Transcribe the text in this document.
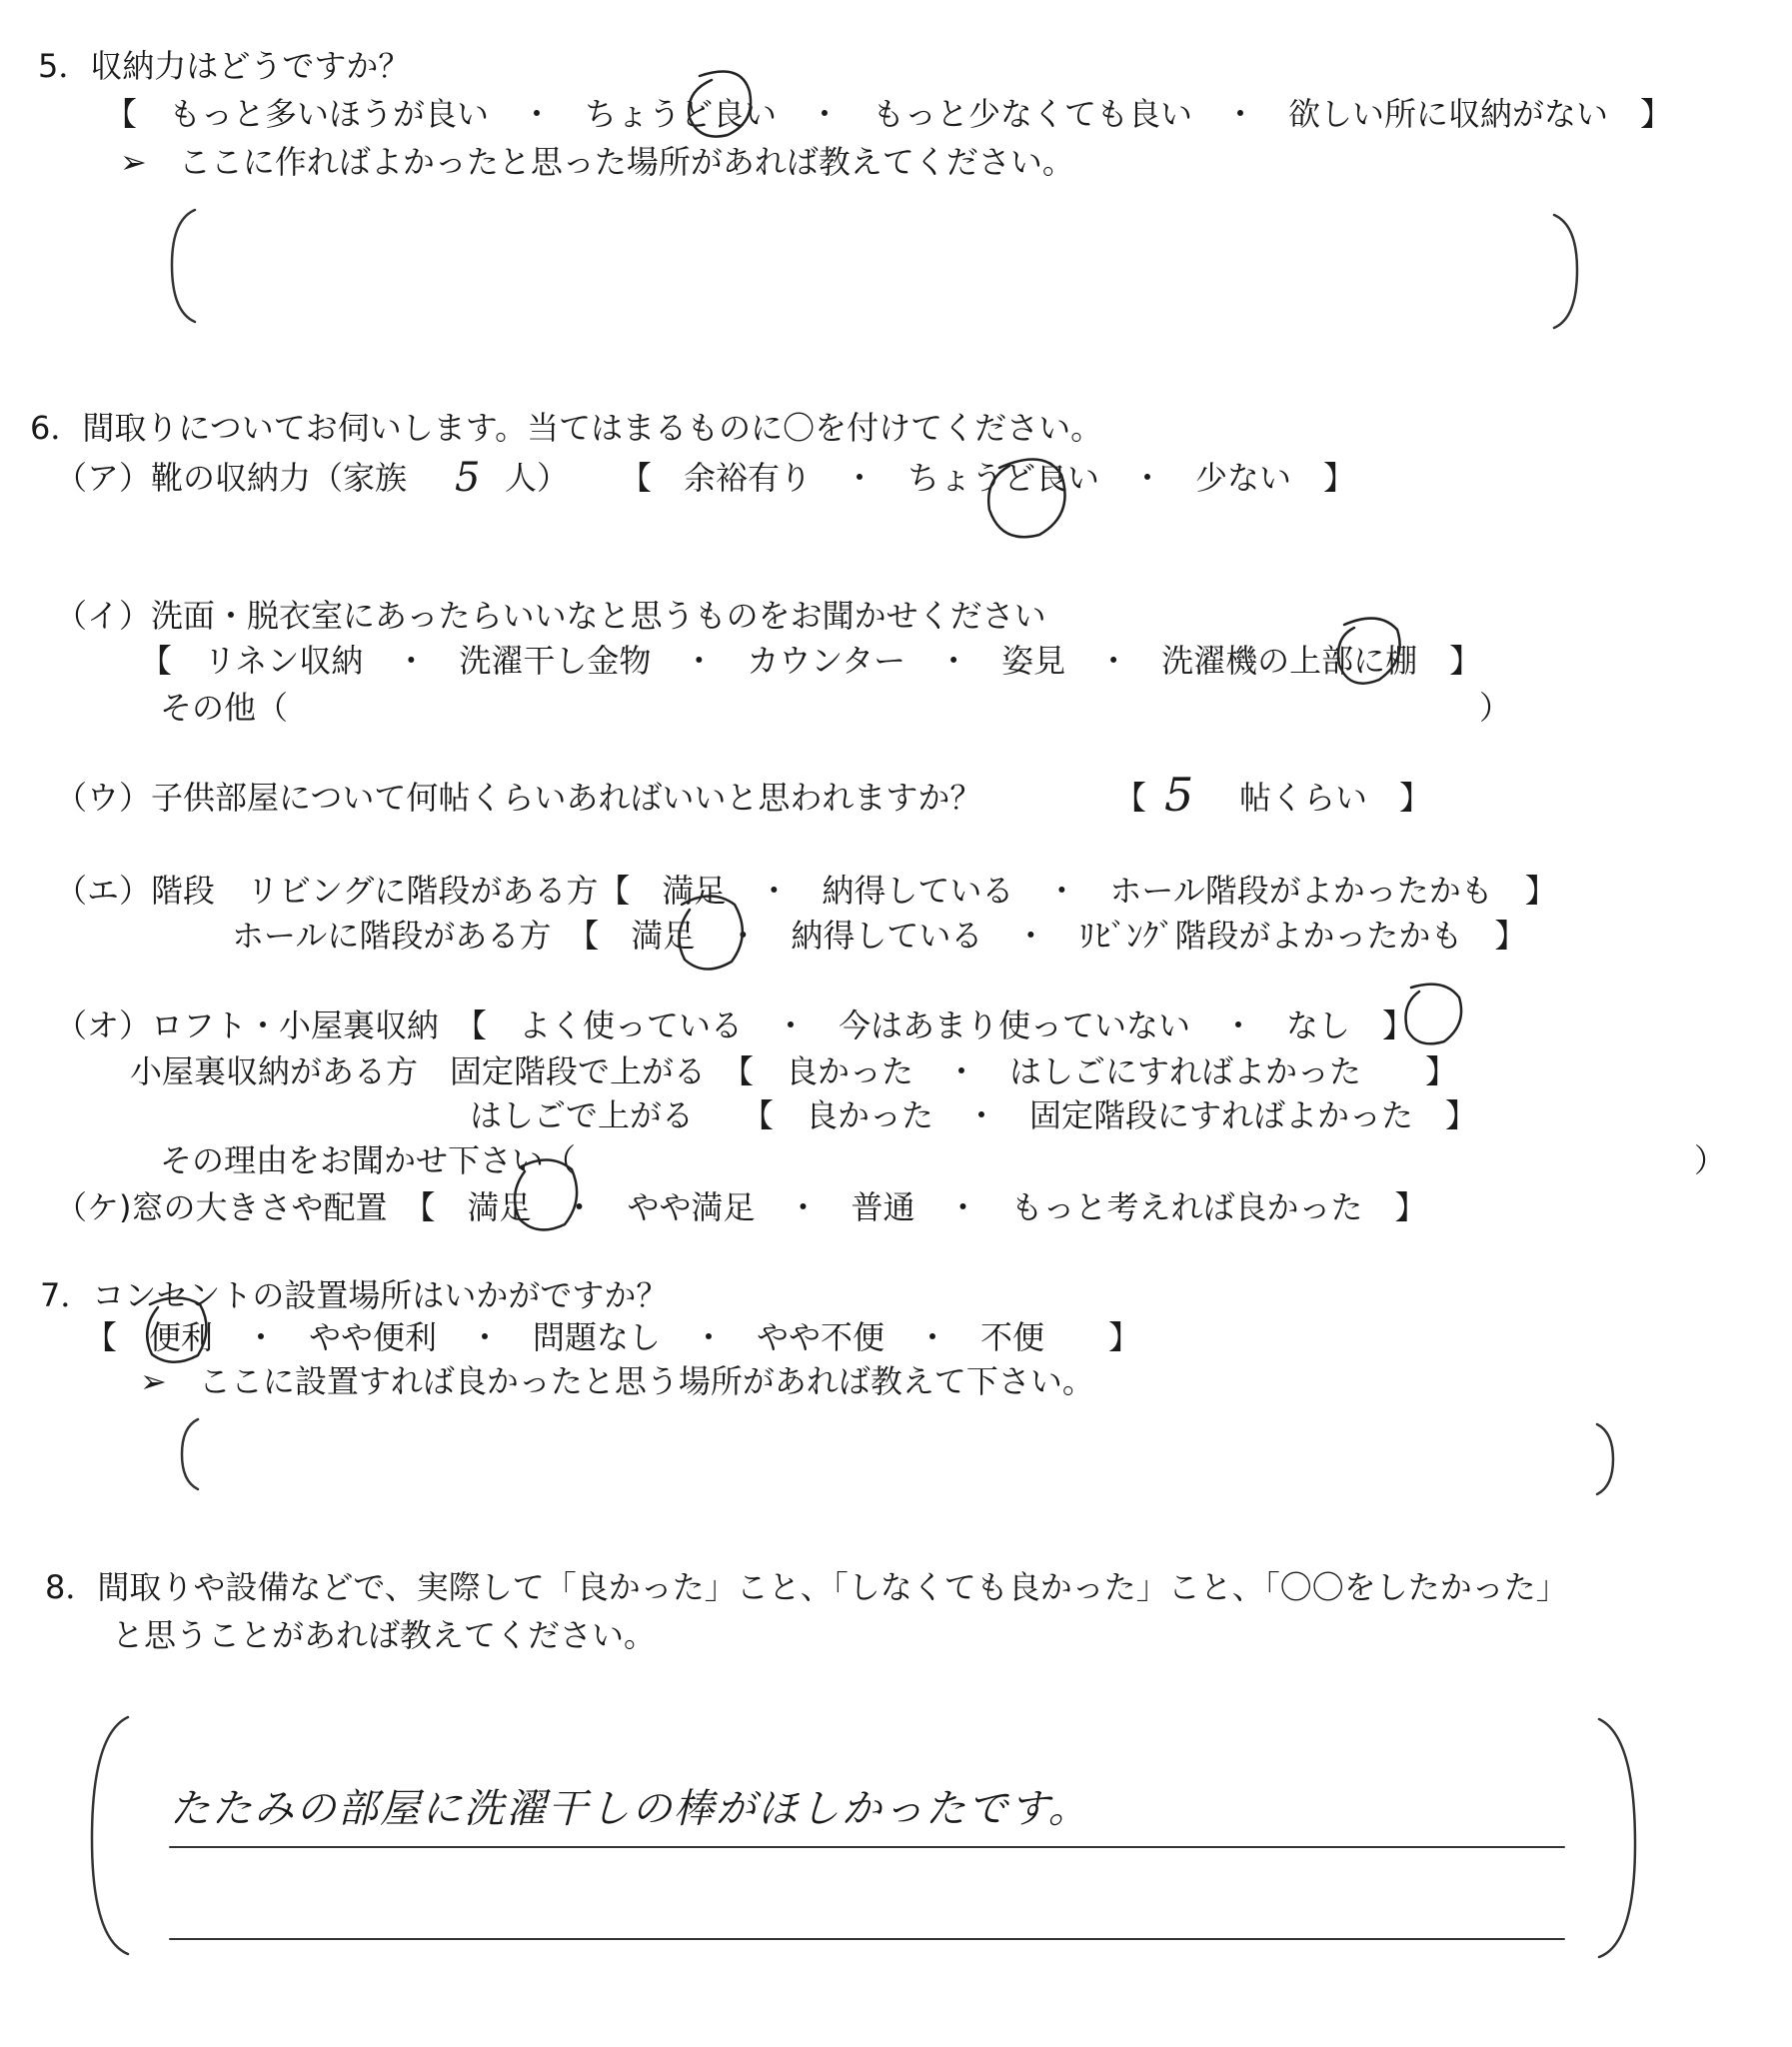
5．収納力はどうですか？
【　もっと多いほうが良い　・　ちょうど良い　・　もっと少なくても良い　・　欲しい所に収納がない　】
➢　ここに作ればよかったと思った場所があれば教えてください。
6．間取りについてお伺いします。当てはまるものに〇を付けてください。
（ア）靴の収納力（家族 5 人） 【　余裕有り　・　ちょうど良い　・　少ない　】
（イ）洗面・脱衣室にあったらいいなと思うものをお聞かせください
【　リネン収納　・　洗濯干し金物　・　カウンター　・　姿見　・　洗濯機の上部に棚　】
その他（	）
（ウ）子供部屋について何帖くらいあればいいと思われますか？	【 5 帖くらい　】
（エ）階段　リビングに階段がある方【　満足　・　納得している　・　ホール階段がよかったかも　】
ホールに階段がある方　【　満足　・　納得している　・　ﾘﾋﾞﾝｸﾞ階段がよかったかも　】
（オ）ロフト・小屋裏収納　【　よく使っている　・　今はあまり使っていない　・　なし　】
小屋裏収納がある方　固定階段で上がる　【　良かった　・　はしごにすればよかった　　】
はしごで上がる　　【　良かった　・　固定階段にすればよかった　】
その理由をお聞かせ下さい（	）
（ケ)窓の大きさや配置　【　満足　・　やや満足　・　普通　・　もっと考えれば良かった　】
7．コンセントの設置場所はいかがですか？
【　便利　・　やや便利　・　問題なし　・　やや不便　・　不便　　】
➢　ここに設置すれば良かったと思う場所があれば教えて下さい。
8．間取りや設備などで、実際して「良かった」こと、「しなくても良かった」こと、「〇〇をしたかった」
と思うことがあれば教えてください。
たたみの部屋に洗濯干しの棒がほしかったです。
